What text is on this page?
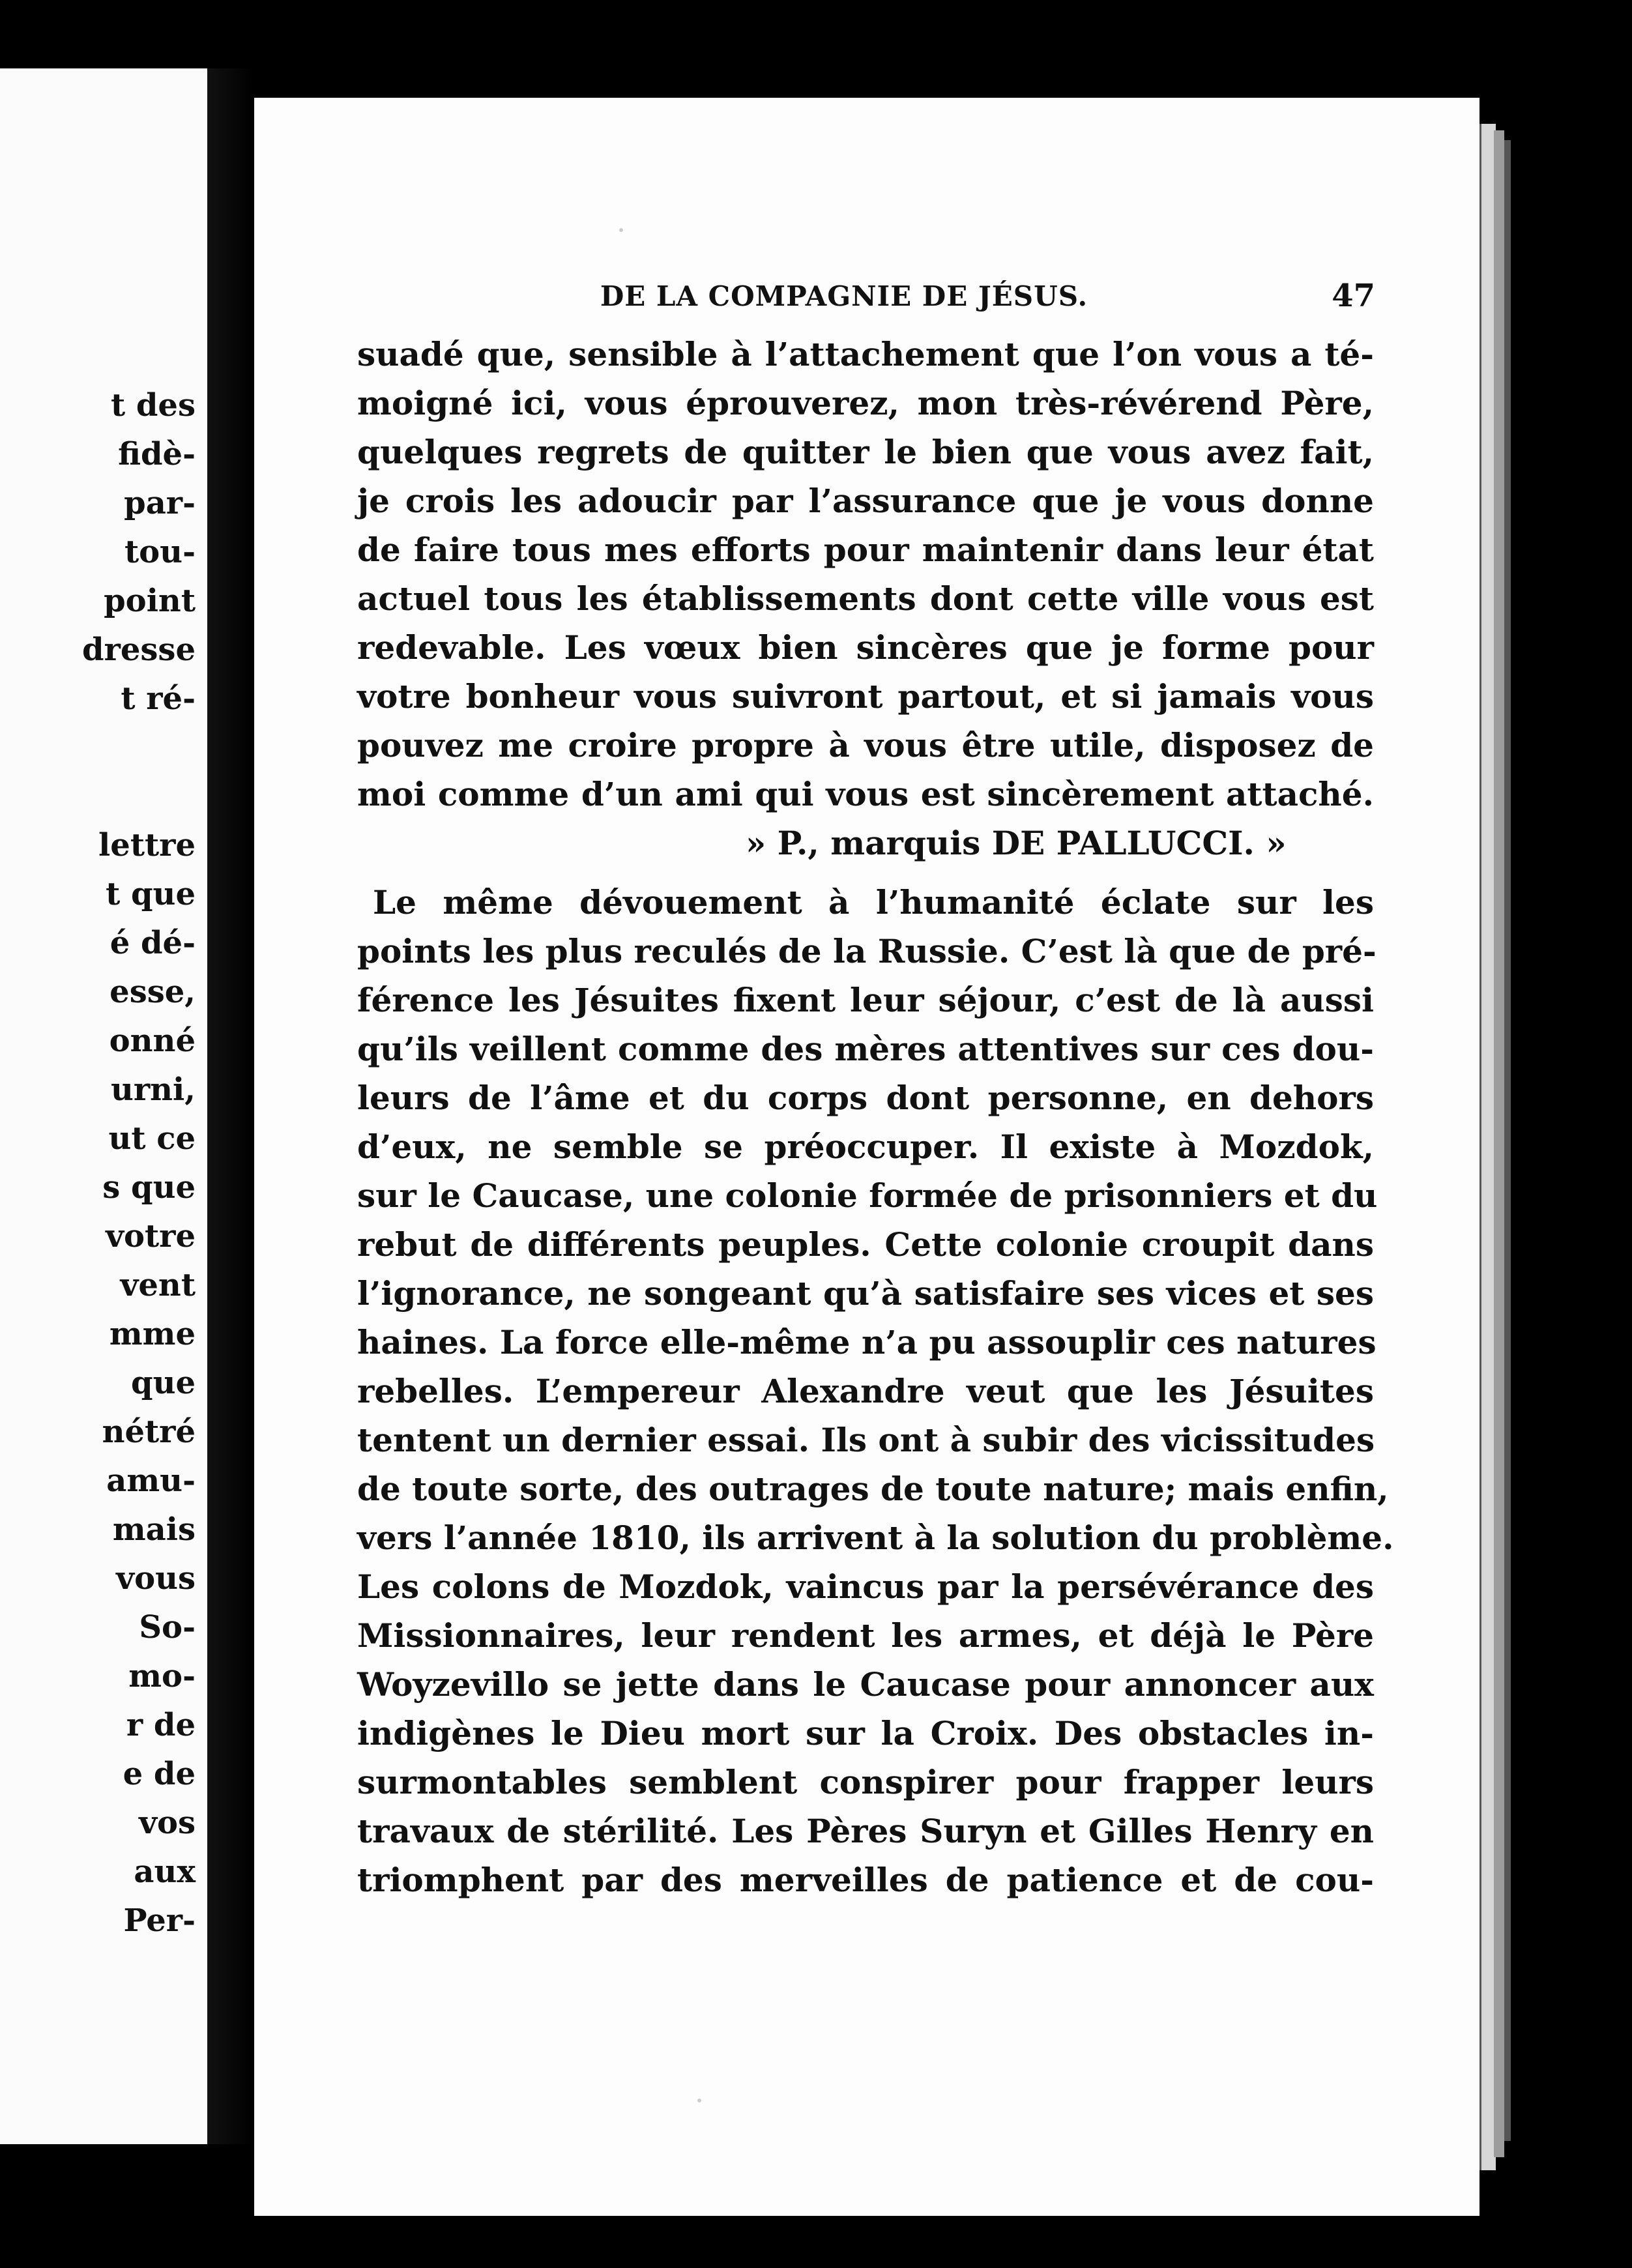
t des
fidè-
par-
tou-
point
dresse
t ré-
lettre
t que
é dé-
esse,
onné
urni,
ut ce
s que
votre
vent
mme
que
nétré
amu-
mais
vous
So-
mo-
r de
e de
vos
aux
Per-
DE LA COMPAGNIE DE JÉSUS.	47
suadé que, sensible à l’attachement que l’on vous a té-
moigné ici, vous éprouverez, mon très-révérend Père,
quelques regrets de quitter le bien que vous avez fait,
je crois les adoucir par l’assurance que je vous donne
de faire tous mes efforts pour maintenir dans leur état
actuel tous les établissements dont cette ville vous est
redevable. Les vœux bien sincères que je forme pour
votre bonheur vous suivront partout, et si jamais vous
pouvez me croire propre à vous être utile, disposez de
moi comme d’un ami qui vous est sincèrement attaché.
» P., marquis DE PALLUCCI. »
Le même dévouement à l’humanité éclate sur les
points les plus reculés de la Russie. C’est là que de pré-
férence les Jésuites fixent leur séjour, c’est de là aussi
qu’ils veillent comme des mères attentives sur ces dou-
leurs de l’âme et du corps dont personne, en dehors
d’eux, ne semble se préoccuper. Il existe à Mozdok,
sur le Caucase, une colonie formée de prisonniers et du
rebut de différents peuples. Cette colonie croupit dans
l’ignorance, ne songeant qu’à satisfaire ses vices et ses
haines. La force elle-même n’a pu assouplir ces natures
rebelles. L’empereur Alexandre veut que les Jésuites
tentent un dernier essai. Ils ont à subir des vicissitudes
de toute sorte, des outrages de toute nature; mais enfin,
vers l’année 1810, ils arrivent à la solution du problème.
Les colons de Mozdok, vaincus par la persévérance des
Missionnaires, leur rendent les armes, et déjà le Père
Woyzevillo se jette dans le Caucase pour annoncer aux
indigènes le Dieu mort sur la Croix. Des obstacles in-
surmontables semblent conspirer pour frapper leurs
travaux de stérilité. Les Pères Suryn et Gilles Henry en
triomphent par des merveilles de patience et de cou-
